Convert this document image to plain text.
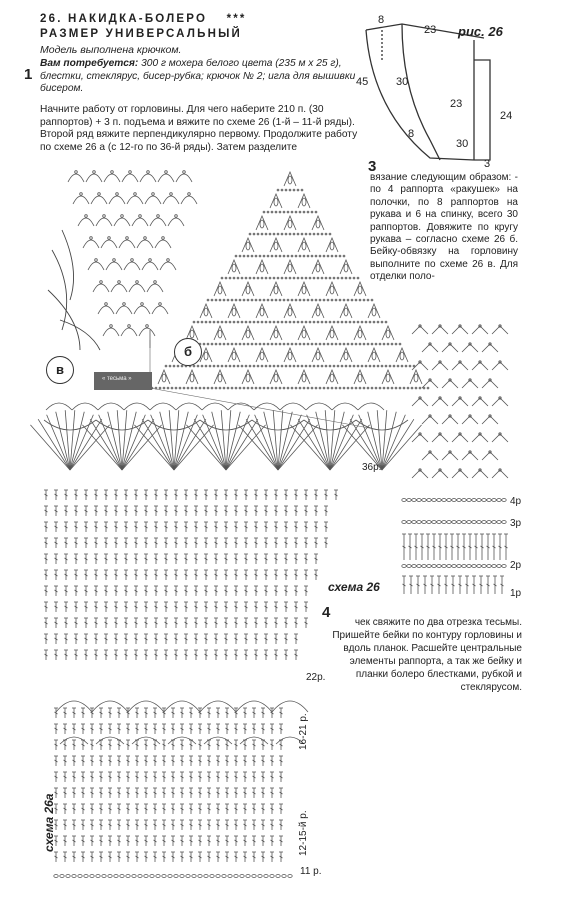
26. НАКИДКА-БОЛЕРО ***
РАЗМЕР УНИВЕРСАЛЬНЫЙ
Модель выполнена крючком.
1
Вам потребуется: 300 г мохера белого цвета (235 м х 25 г), блестки, стеклярус, бисер-рубка; крючок № 2; игла для вышивки бисером.
Начните работу от горловины. Для чего наберите 210 п. (30 раппортов) + 3 п. подъема и вяжите по схеме 26 (1-й – 11-й ряды). Второй ряд вяжите перпендикулярно первому. Продолжите работу по схеме 26 а (с 12-го по 36-й ряды). Затем разделите
рис. 26
8
23
45	30
23
24
8
30
3
3
вязание следующим образом: - по 4 раппорта «ракушек» на полочки, по 8 раппортов на рукава и 6 на спинку, всего 30 раппортов. Довяжите по кругу рукава – согласно схеме 26 б. Бейку-обвязку на горловину выполните по схеме 26 в. Для отделки поло-
в
б
« тесьма »
36р.
22р.
4р
3р
2р
1р
16-21 р.
12-15-й р.
11 р.
схема 26
схема 26а
4
чек свяжите по два отрезка тесьмы. Пришейте бейки по контуру горловины и вдоль планок. Расшейте центральные элементы раппорта, а так же бейку и планки болеро блестками, рубкой и стеклярусом.
